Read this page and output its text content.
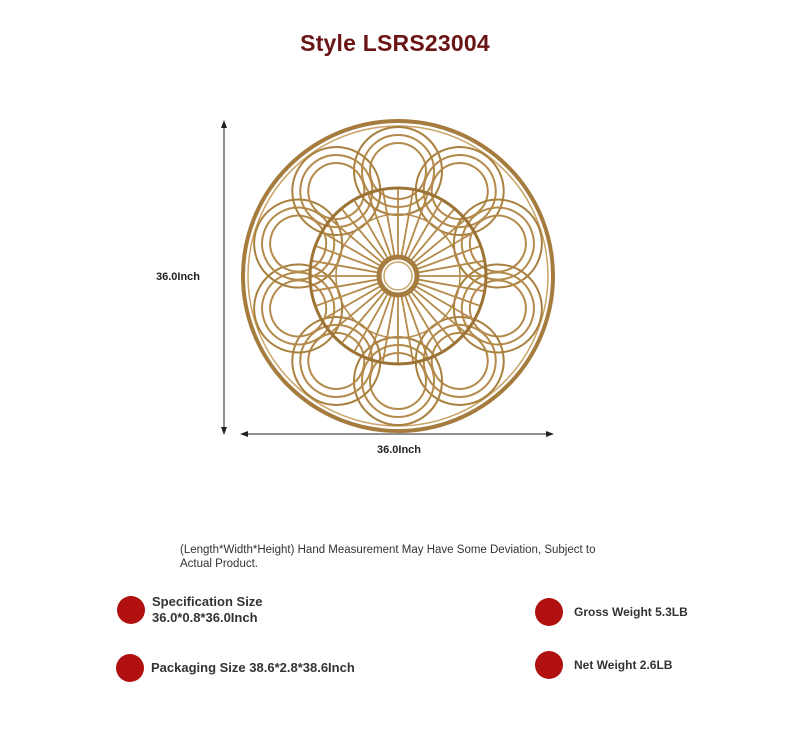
Style LSRS23004
36.0Inch
36.0Inch
(Length*Width*Height) Hand Measurement May Have Some Deviation, Subject to Actual Product.
Specification Size
36.0*0.8*36.0Inch
Packaging Size 38.6*2.8*38.6Inch
Gross Weight 5.3LB
Net Weight 2.6LB
